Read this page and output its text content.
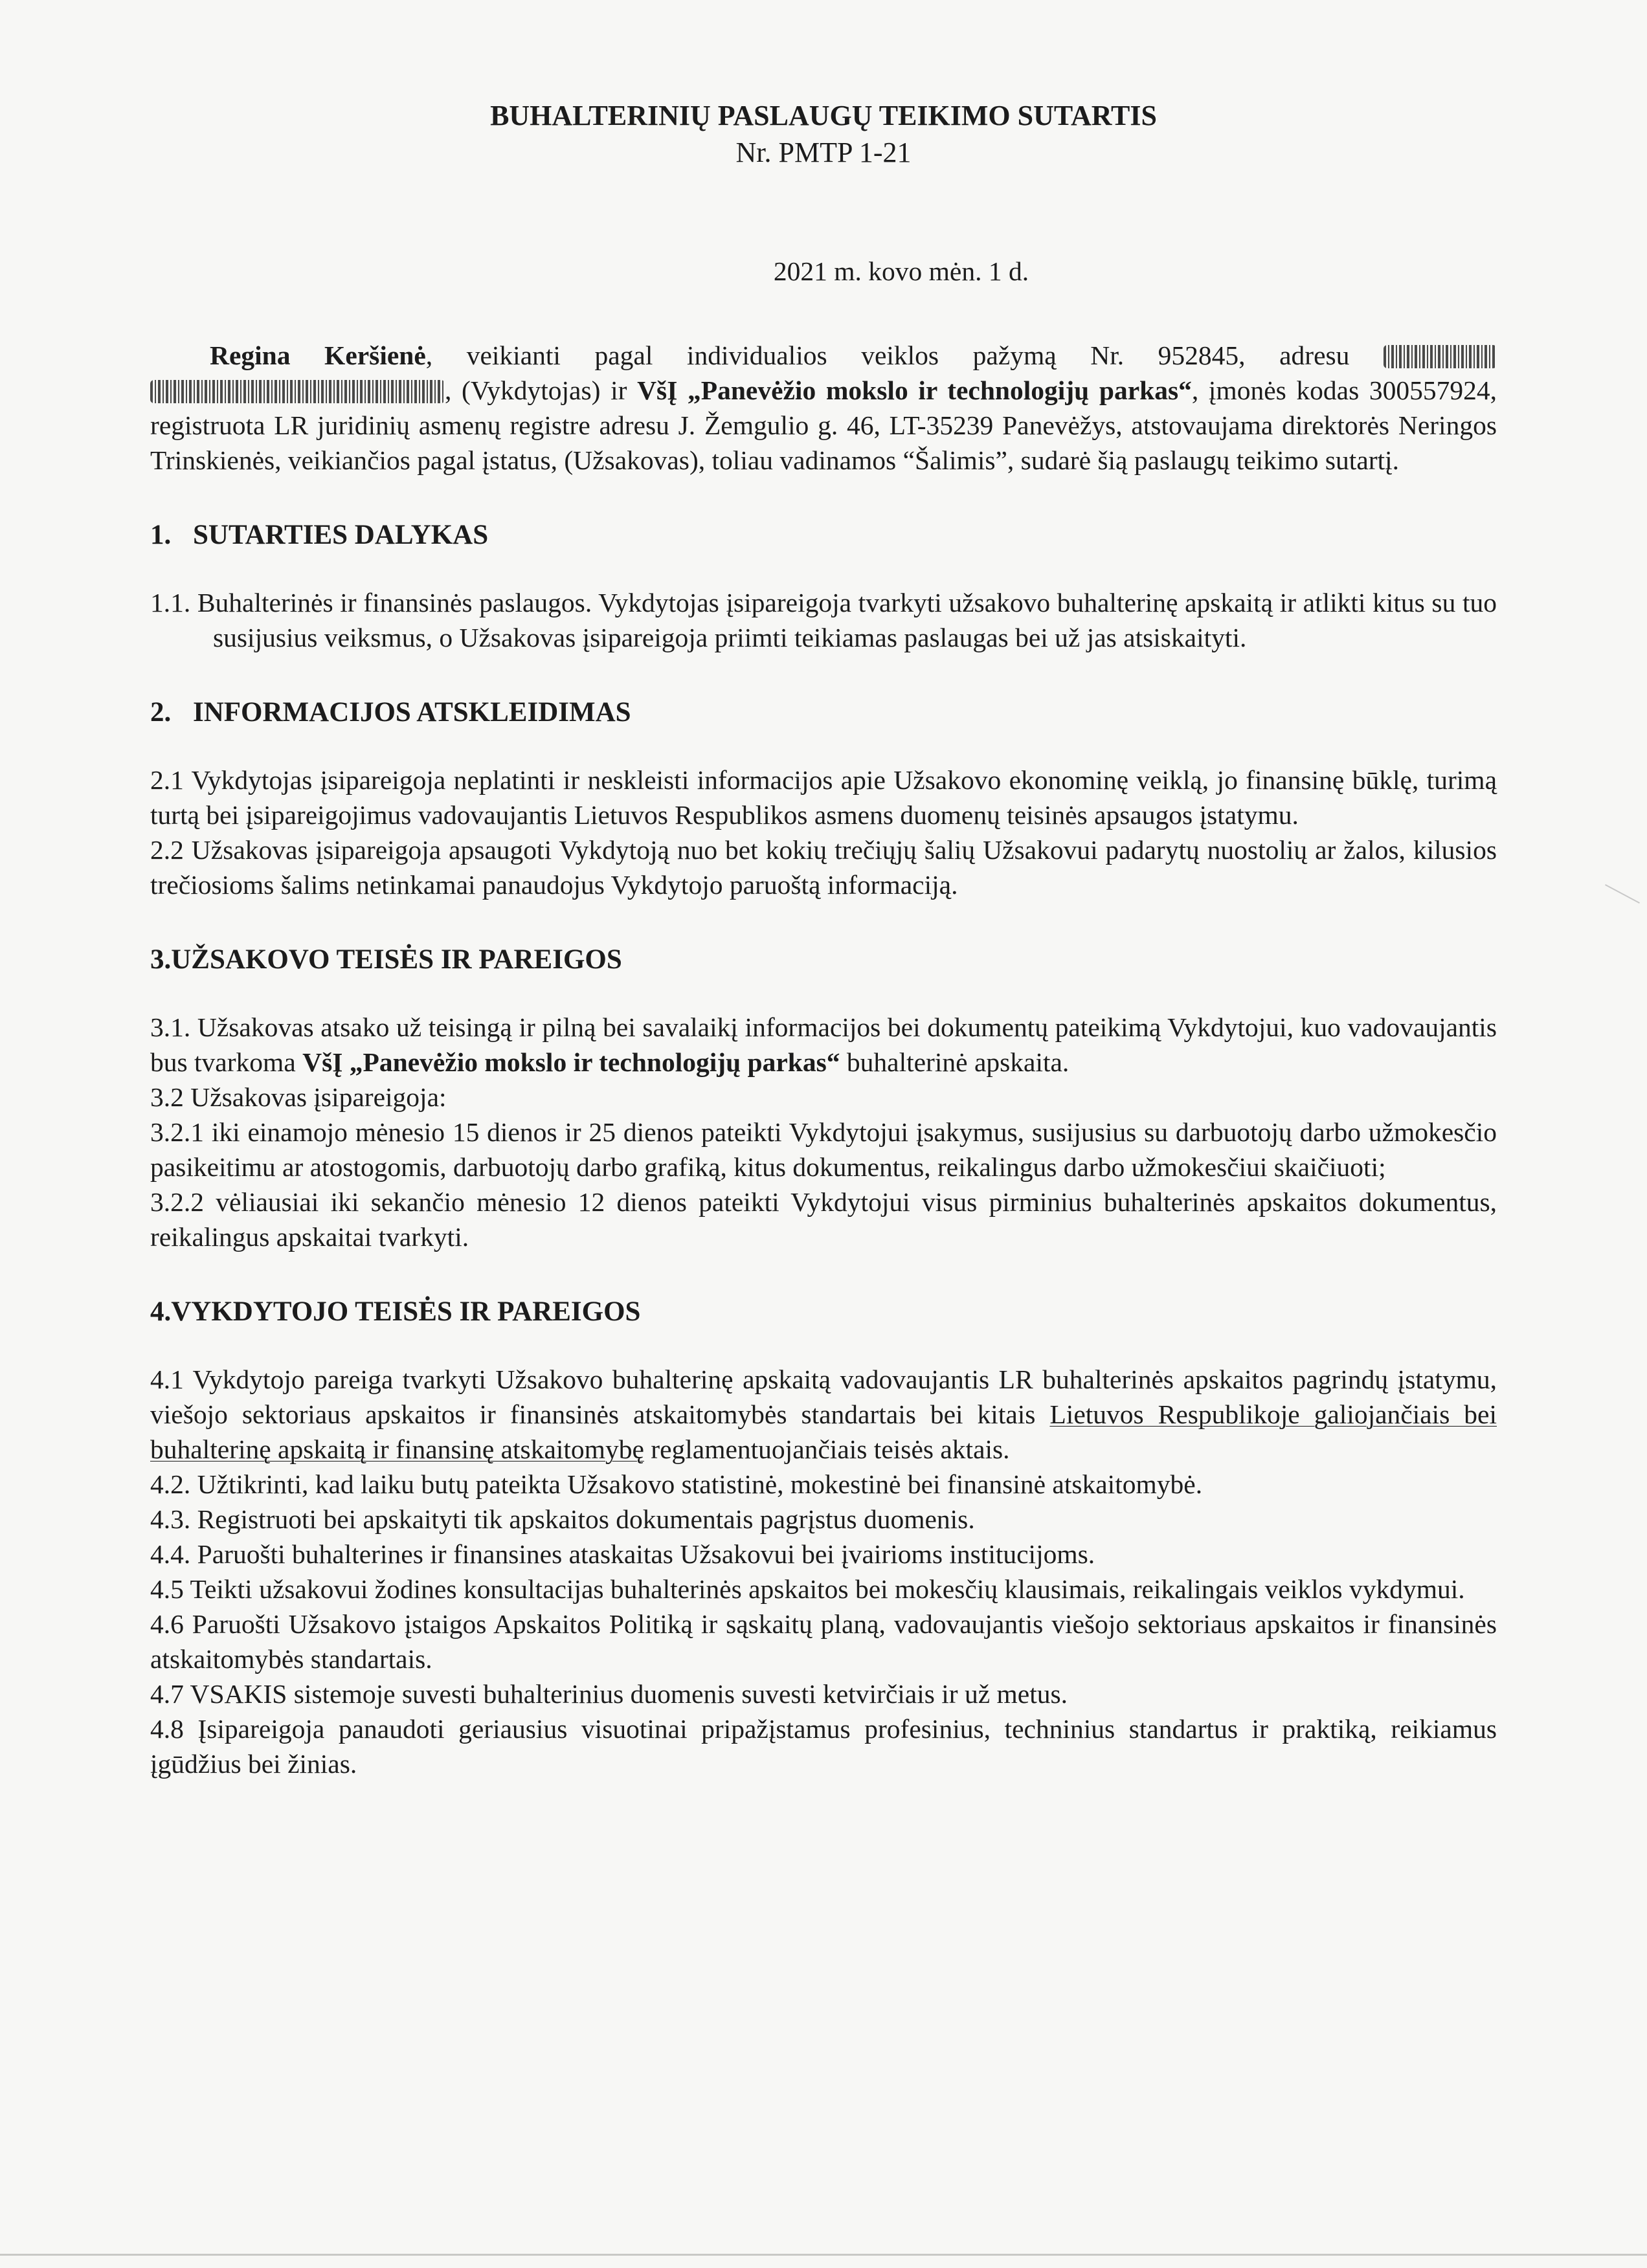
BUHALTERINIŲ PASLAUGŲ TEIKIMO SUTARTIS
Nr. PMTP 1-21
2021 m. kovo mėn. 1 d.

Regina Keršienė, veikianti pagal individualios veiklos pažymą Nr. 952845, adresu , (Vykdytojas) ir VšĮ „Panevėžio mokslo ir technologijų parkas“, įmonės kodas 300557924, registruota LR juridinių asmenų registre adresu J. Žemgulio g. 46, LT-35239 Panevėžys, atstovaujama direktorės Neringos Trinskienės, veikiančios pagal įstatus, (Užsakovas), toliau vadinamos “Šalimis”, sudarė šią paslaugų teikimo sutartį.

1. SUTARTIES DALYKAS

1.1. Buhalterinės ir finansinės paslaugos. Vykdytojas įsipareigoja tvarkyti užsakovo buhalterinę apskaitą ir atlikti kitus su tuo susijusius veiksmus, o Užsakovas įsipareigoja priimti teikiamas paslaugas bei už jas atsiskaityti.

2. INFORMACIJOS ATSKLEIDIMAS

2.1 Vykdytojas įsipareigoja neplatinti ir neskleisti informacijos apie Užsakovo ekonominę veiklą, jo finansinę būklę, turimą turtą bei įsipareigojimus vadovaujantis Lietuvos Respublikos asmens duomenų teisinės apsaugos įstatymu.

2.2 Užsakovas įsipareigoja apsaugoti Vykdytoją nuo bet kokių trečiųjų šalių Užsakovui padarytų nuostolių ar žalos, kilusios trečiosioms šalims netinkamai panaudojus Vykdytojo paruoštą informaciją.

3.UŽSAKOVO TEISĖS IR PAREIGOS

3.1. Užsakovas atsako už teisingą ir pilną bei savalaikį informacijos bei dokumentų pateikimą Vykdytojui, kuo vadovaujantis bus tvarkoma VšĮ „Panevėžio mokslo ir technologijų parkas“ buhalterinė apskaita.

3.2 Užsakovas įsipareigoja:

3.2.1 iki einamojo mėnesio 15 dienos ir 25 dienos pateikti Vykdytojui įsakymus, susijusius su darbuotojų darbo užmokesčio pasikeitimu ar atostogomis, darbuotojų darbo grafiką, kitus dokumentus, reikalingus darbo užmokesčiui skaičiuoti;

3.2.2 vėliausiai iki sekančio mėnesio 12 dienos pateikti Vykdytojui visus pirminius buhalterinės apskaitos dokumentus, reikalingus apskaitai tvarkyti.

4.VYKDYTOJO TEISĖS IR PAREIGOS

4.1 Vykdytojo pareiga tvarkyti Užsakovo buhalterinę apskaitą vadovaujantis LR buhalterinės apskaitos pagrindų įstatymu, viešojo sektoriaus apskaitos ir finansinės atskaitomybės standartais bei kitais Lietuvos Respublikoje galiojančiais bei buhalterinę apskaitą ir finansinę atskaitomybę reglamentuojančiais teisės aktais.

4.2. Užtikrinti, kad laiku butų pateikta Užsakovo statistinė, mokestinė bei finansinė atskaitomybė.

4.3. Registruoti bei apskaityti tik apskaitos dokumentais pagrįstus duomenis.

4.4. Paruošti buhalterines ir finansines ataskaitas Užsakovui bei įvairioms institucijoms.

4.5 Teikti užsakovui žodines konsultacijas buhalterinės apskaitos bei mokesčių klausimais, reikalingais veiklos vykdymui.

4.6 Paruošti Užsakovo įstaigos Apskaitos Politiką ir sąskaitų planą, vadovaujantis viešojo sektoriaus apskaitos ir finansinės atskaitomybės standartais.

4.7 VSAKIS sistemoje suvesti buhalterinius duomenis suvesti ketvirčiais ir už metus.

4.8 Įsipareigoja panaudoti geriausius visuotinai pripažįstamus profesinius, techninius standartus ir praktiką, reikiamus įgūdžius bei žinias.
